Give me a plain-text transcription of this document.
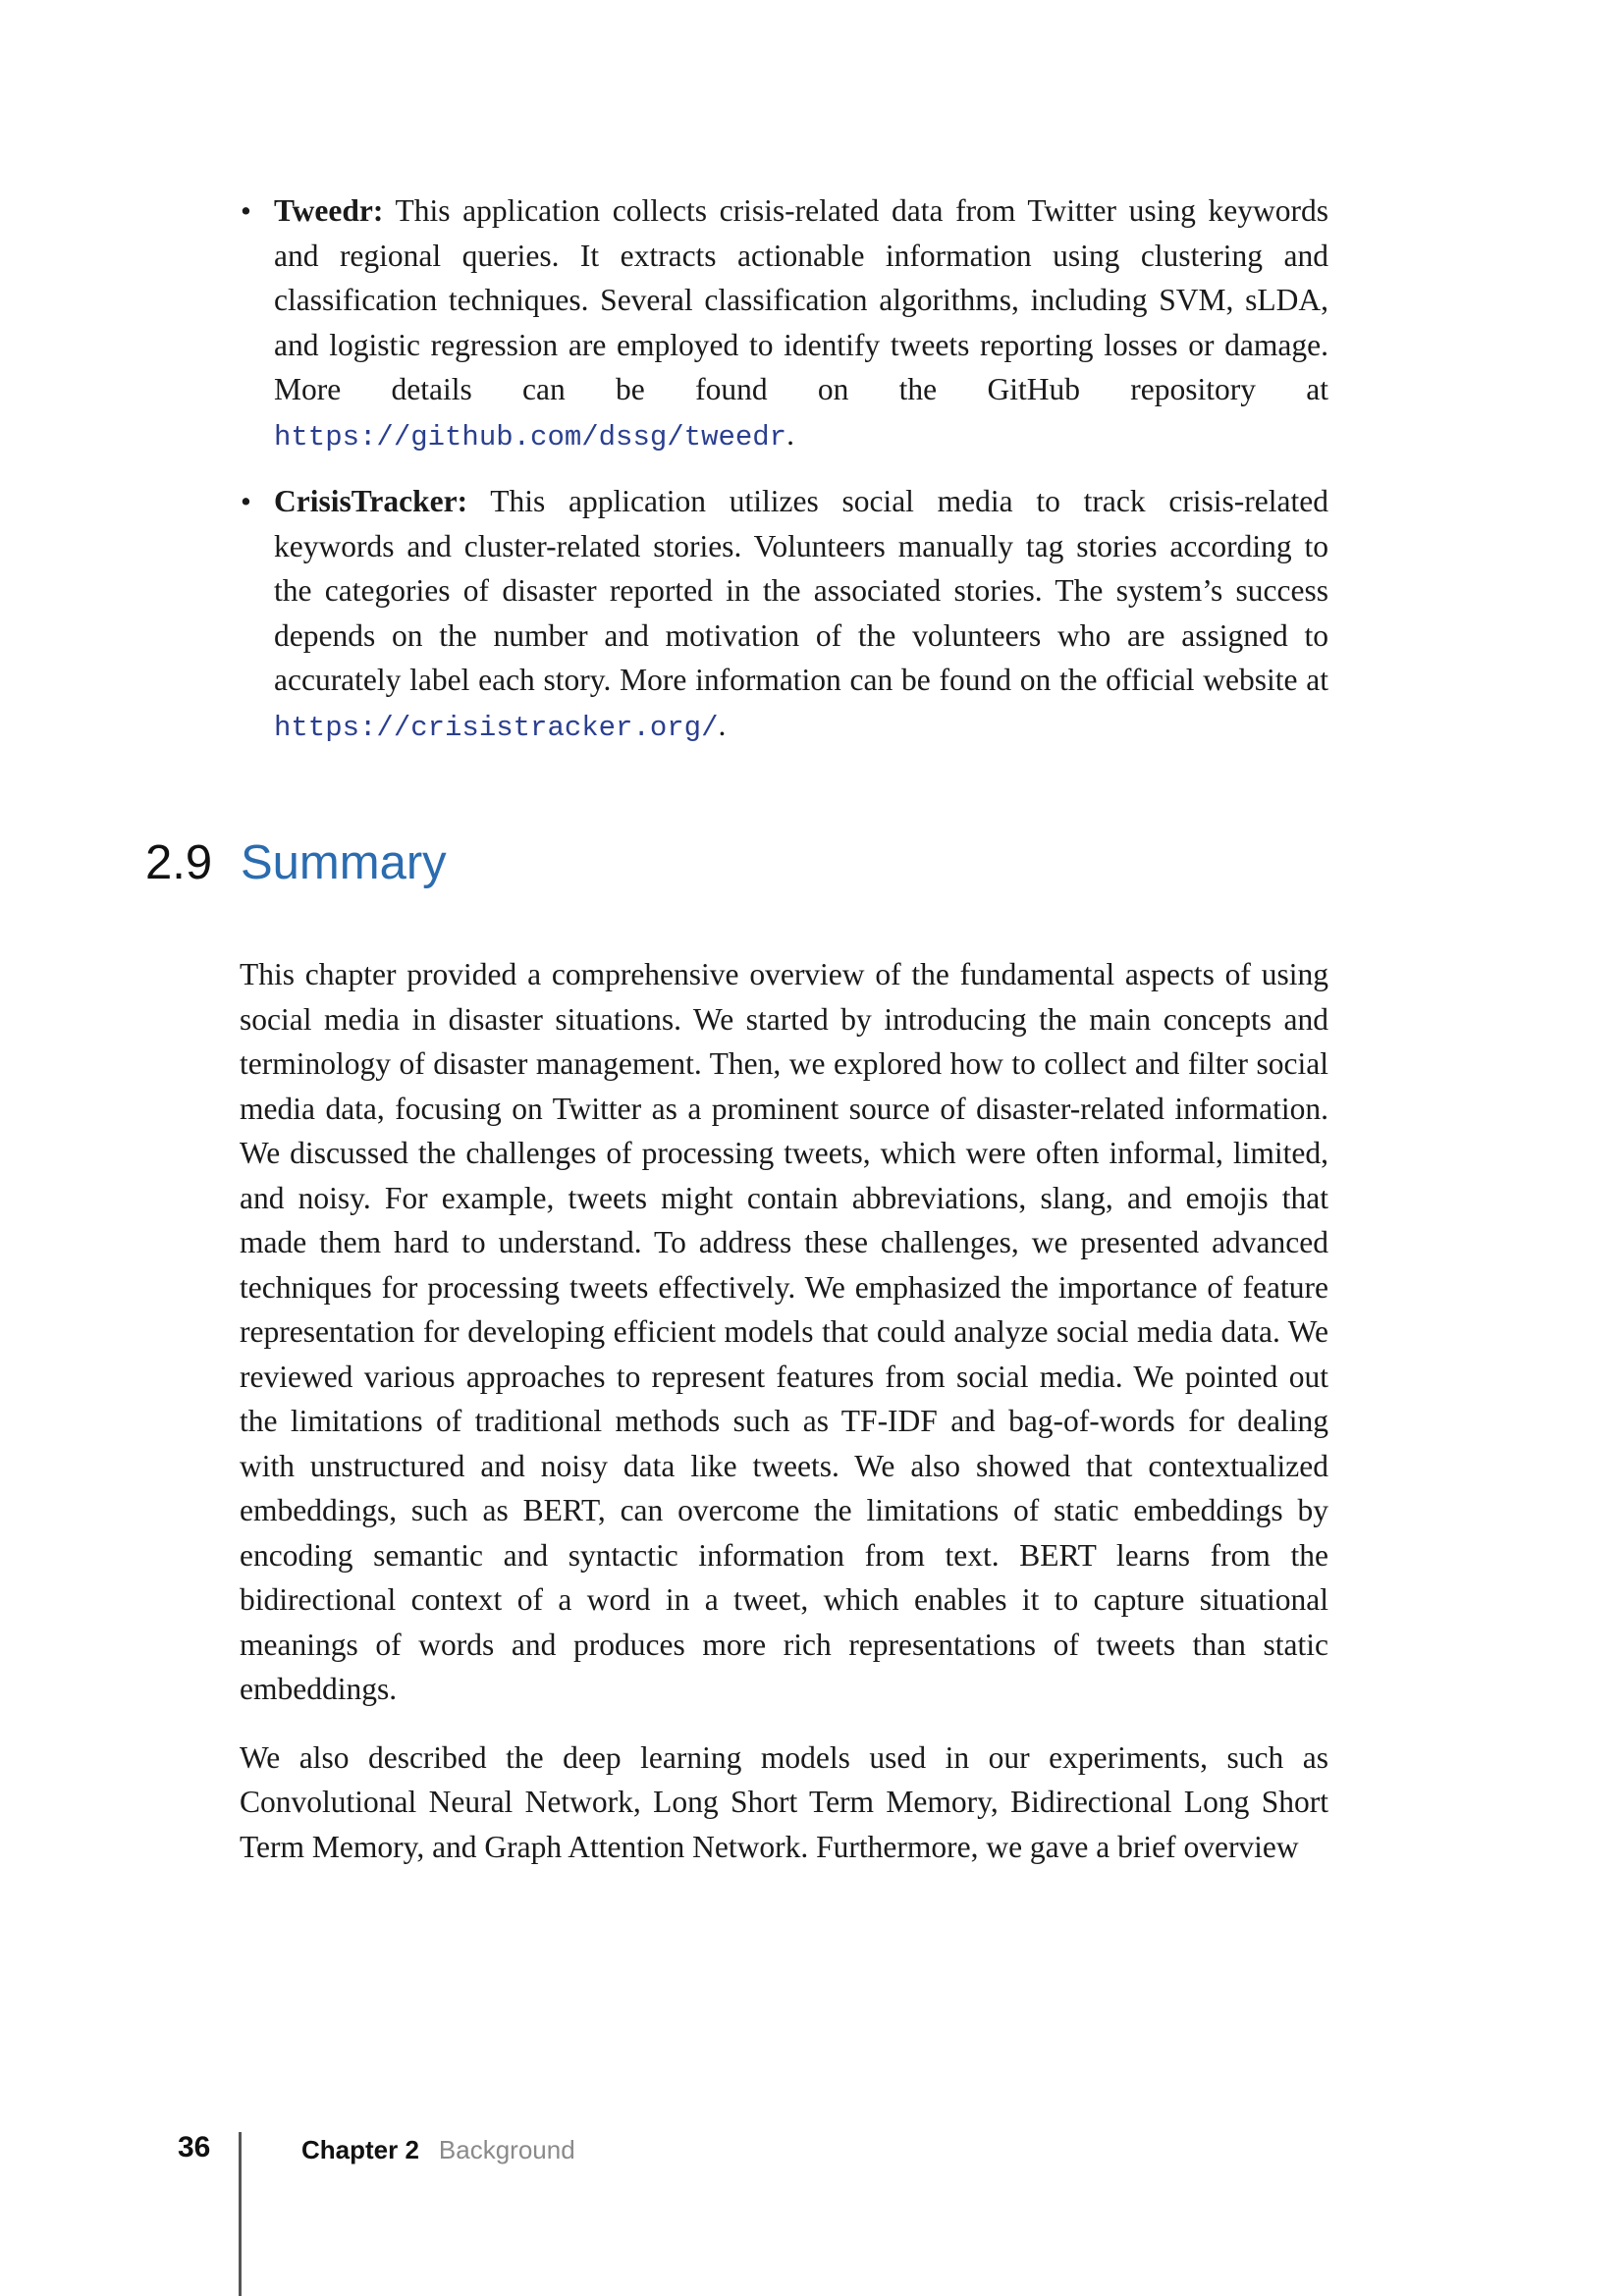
• Tweedr: This application collects crisis-related data from Twitter using keywords and regional queries. It extracts actionable information using clustering and classification techniques. Several classification algorithms, including SVM, sLDA, and logistic regression are employed to identify tweets reporting losses or damage. More details can be found on the GitHub repository at https://github.com/dssg/tweedr.
• CrisisTracker: This application utilizes social media to track crisis-related keywords and cluster-related stories. Volunteers manually tag stories according to the categories of disaster reported in the associated stories. The system’s success depends on the number and motivation of the volunteers who are assigned to accurately label each story. More information can be found on the official website at https://crisistracker.org/.
2.9 Summary

This chapter provided a comprehensive overview of the fundamental aspects of using social media in disaster situations. We started by introducing the main concepts and terminology of disaster management. Then, we explored how to collect and filter social media data, focusing on Twitter as a prominent source of disaster-related information. We discussed the challenges of processing tweets, which were often informal, limited, and noisy. For example, tweets might contain abbreviations, slang, and emojis that made them hard to understand. To address these challenges, we presented advanced techniques for processing tweets effectively. We emphasized the importance of feature representation for developing efficient models that could analyze social media data. We reviewed various approaches to represent features from social media. We pointed out the limitations of traditional methods such as TF-IDF and bag-of-words for dealing with unstructured and noisy data like tweets. We also showed that contextualized embeddings, such as BERT, can overcome the limitations of static embeddings by encoding semantic and syntactic information from text. BERT learns from the bidirectional context of a word in a tweet, which enables it to capture situational meanings of words and produces more rich representations of tweets than static embeddings.

We also described the deep learning models used in our experiments, such as Convolutional Neural Network, Long Short Term Memory, Bidirectional Long Short Term Memory, and Graph Attention Network. Furthermore, we gave a brief overview

36	Chapter 2 Background
